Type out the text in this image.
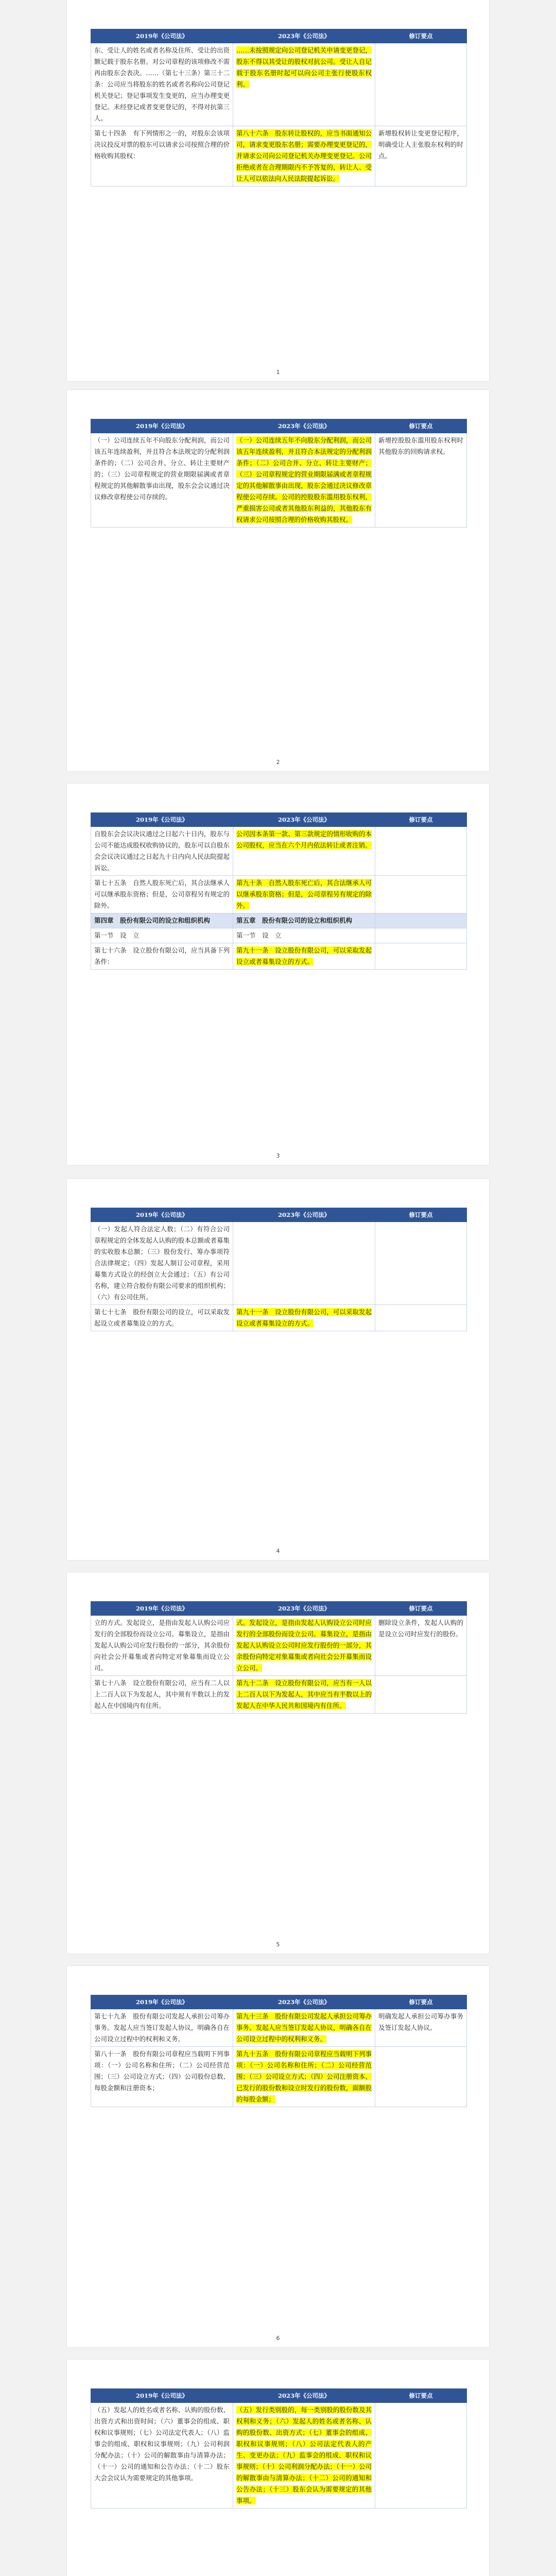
2019年《公司法》	2023年《公司法》	修订要点
东、受让人的姓名或者名称及住所、受让的出资额记载于股东名册。对公司章程的该项修改不需再由股东会表决。……（第七十三条）第三十二条：公司应当将股东的姓名或者名称向公司登记机关登记；登记事项发生变更的，应当办理变更登记。未经登记或者变更登记的，不得对抗第三人。	……未按照规定向公司登记机关申请变更登记，股东不得以其受让的股权对抗公司。受让人自记载于股东名册时起可以向公司主张行使股东权利。	
第七十四条　有下列情形之一的，对股东会该项决议投反对票的股东可以请求公司按照合理的价格收购其股权：	第八十六条　股东转让股权的，应当书面通知公司，请求变更股东名册；需要办理变更登记的，并请求公司向公司登记机关办理变更登记。公司拒绝或者在合理期限内不予答复的，转让人、受让人可以依法向人民法院提起诉讼。	新增股权转让变更登记程序，明确受让人主张股东权利的时点。
1
2019年《公司法》	2023年《公司法》	修订要点
（一）公司连续五年不向股东分配利润，而公司该五年连续盈利，并且符合本法规定的分配利润条件的；（二）公司合并、分立、转让主要财产的；（三）公司章程规定的营业期限届满或者章程规定的其他解散事由出现，股东会会议通过决议修改章程使公司存续的。	（一）公司连续五年不向股东分配利润，而公司该五年连续盈利，并且符合本法规定的分配利润条件；（二）公司合并、分立、转让主要财产；（三）公司章程规定的营业期限届满或者章程规定的其他解散事由出现，股东会通过决议修改章程使公司存续。公司的控股股东滥用股东权利，严重损害公司或者其他股东利益的，其他股东有权请求公司按照合理的价格收购其股权。	新增控股股东滥用股东权利时其他股东的回购请求权。
2
2019年《公司法》	2023年《公司法》	修订要点
自股东会会议决议通过之日起六十日内，股东与公司不能达成股权收购协议的，股东可以自股东会会议决议通过之日起九十日内向人民法院提起诉讼。	公司因本条第一款、第三款规定的情形收购的本公司股权，应当在六个月内依法转让或者注销。	
第七十五条　自然人股东死亡后，其合法继承人可以继承股东资格；但是，公司章程另有规定的除外。	第九十条　自然人股东死亡后，其合法继承人可以继承股东资格；但是，公司章程另有规定的除外。	
第四章　股份有限公司的设立和组织机构	第五章　股份有限公司的设立和组织机构	
第一节　设　立	第一节　设　立	
第七十六条　设立股份有限公司，应当具备下列条件：	第九十一条　设立股份有限公司，可以采取发起设立或者募集设立的方式。	
3
2019年《公司法》	2023年《公司法》	修订要点
（一）发起人符合法定人数；（二）有符合公司章程规定的全体发起人认购的股本总额或者募集的实收股本总额；（三）股份发行、筹办事项符合法律规定；（四）发起人制订公司章程，采用募集方式设立的经创立大会通过；（五）有公司名称，建立符合股份有限公司要求的组织机构；（六）有公司住所。		
第七十七条　股份有限公司的设立，可以采取发起设立或者募集设立的方式。	第九十一条　设立股份有限公司，可以采取发起设立或者募集设立的方式。	
4
2019年《公司法》	2023年《公司法》	修订要点
立的方式。发起设立，是指由发起人认购公司应发行的全部股份而设立公司。募集设立，是指由发起人认购公司应发行股份的一部分，其余股份向社会公开募集或者向特定对象募集而设立公司。	式。发起设立，是指由发起人认购设立公司时应发行的全部股份而设立公司。募集设立，是指由发起人认购设立公司时应发行股份的一部分，其余股份向特定对象募集或者向社会公开募集而设立公司。	删除设立条件，发起人认购的是设立公司时应发行的股份。
第七十八条　设立股份有限公司，应当有二人以上二百人以下为发起人，其中须有半数以上的发起人在中国境内有住所。	第九十二条　设立股份有限公司，应当有一人以上二百人以下为发起人，其中应当有半数以上的发起人在中华人民共和国境内有住所。	
5
2019年《公司法》	2023年《公司法》	修订要点
第七十九条　股份有限公司发起人承担公司筹办事务。发起人应当签订发起人协议，明确各自在公司设立过程中的权利和义务。	第九十三条　股份有限公司发起人承担公司筹办事务。发起人应当签订发起人协议，明确各自在公司设立过程中的权利和义务。	明确发起人承担公司筹办事务及签订发起人协议。
第八十一条　股份有限公司章程应当载明下列事项：（一）公司名称和住所；（二）公司经营范围；（三）公司设立方式；（四）公司股份总数、每股金额和注册资本；	第九十五条　股份有限公司章程应当载明下列事项：（一）公司名称和住所；（二）公司经营范围；（三）公司设立方式；（四）公司注册资本、已发行的股份数和设立时发行的股份数，面额股的每股金额；	
6
2019年《公司法》	2023年《公司法》	修订要点
（五）发起人的姓名或者名称、认购的股份数、出资方式和出资时间；（六）董事会的组成、职权和议事规则；（七）公司法定代表人；（八）监事会的组成、职权和议事规则；（九）公司利润分配办法；（十）公司的解散事由与清算办法；（十一）公司的通知和公告办法；（十二）股东大会会议认为需要规定的其他事项。	（五）发行类别股的，每一类别股的股份数及其权利和义务；（六）发起人的姓名或者名称、认购的股份数、出资方式；（七）董事会的组成、职权和议事规则；（八）公司法定代表人的产生、变更办法；（九）监事会的组成、职权和议事规则；（十）公司利润分配办法；（十一）公司的解散事由与清算办法；（十二）公司的通知和公告办法；（十三）股东会认为需要规定的其他事项。	
